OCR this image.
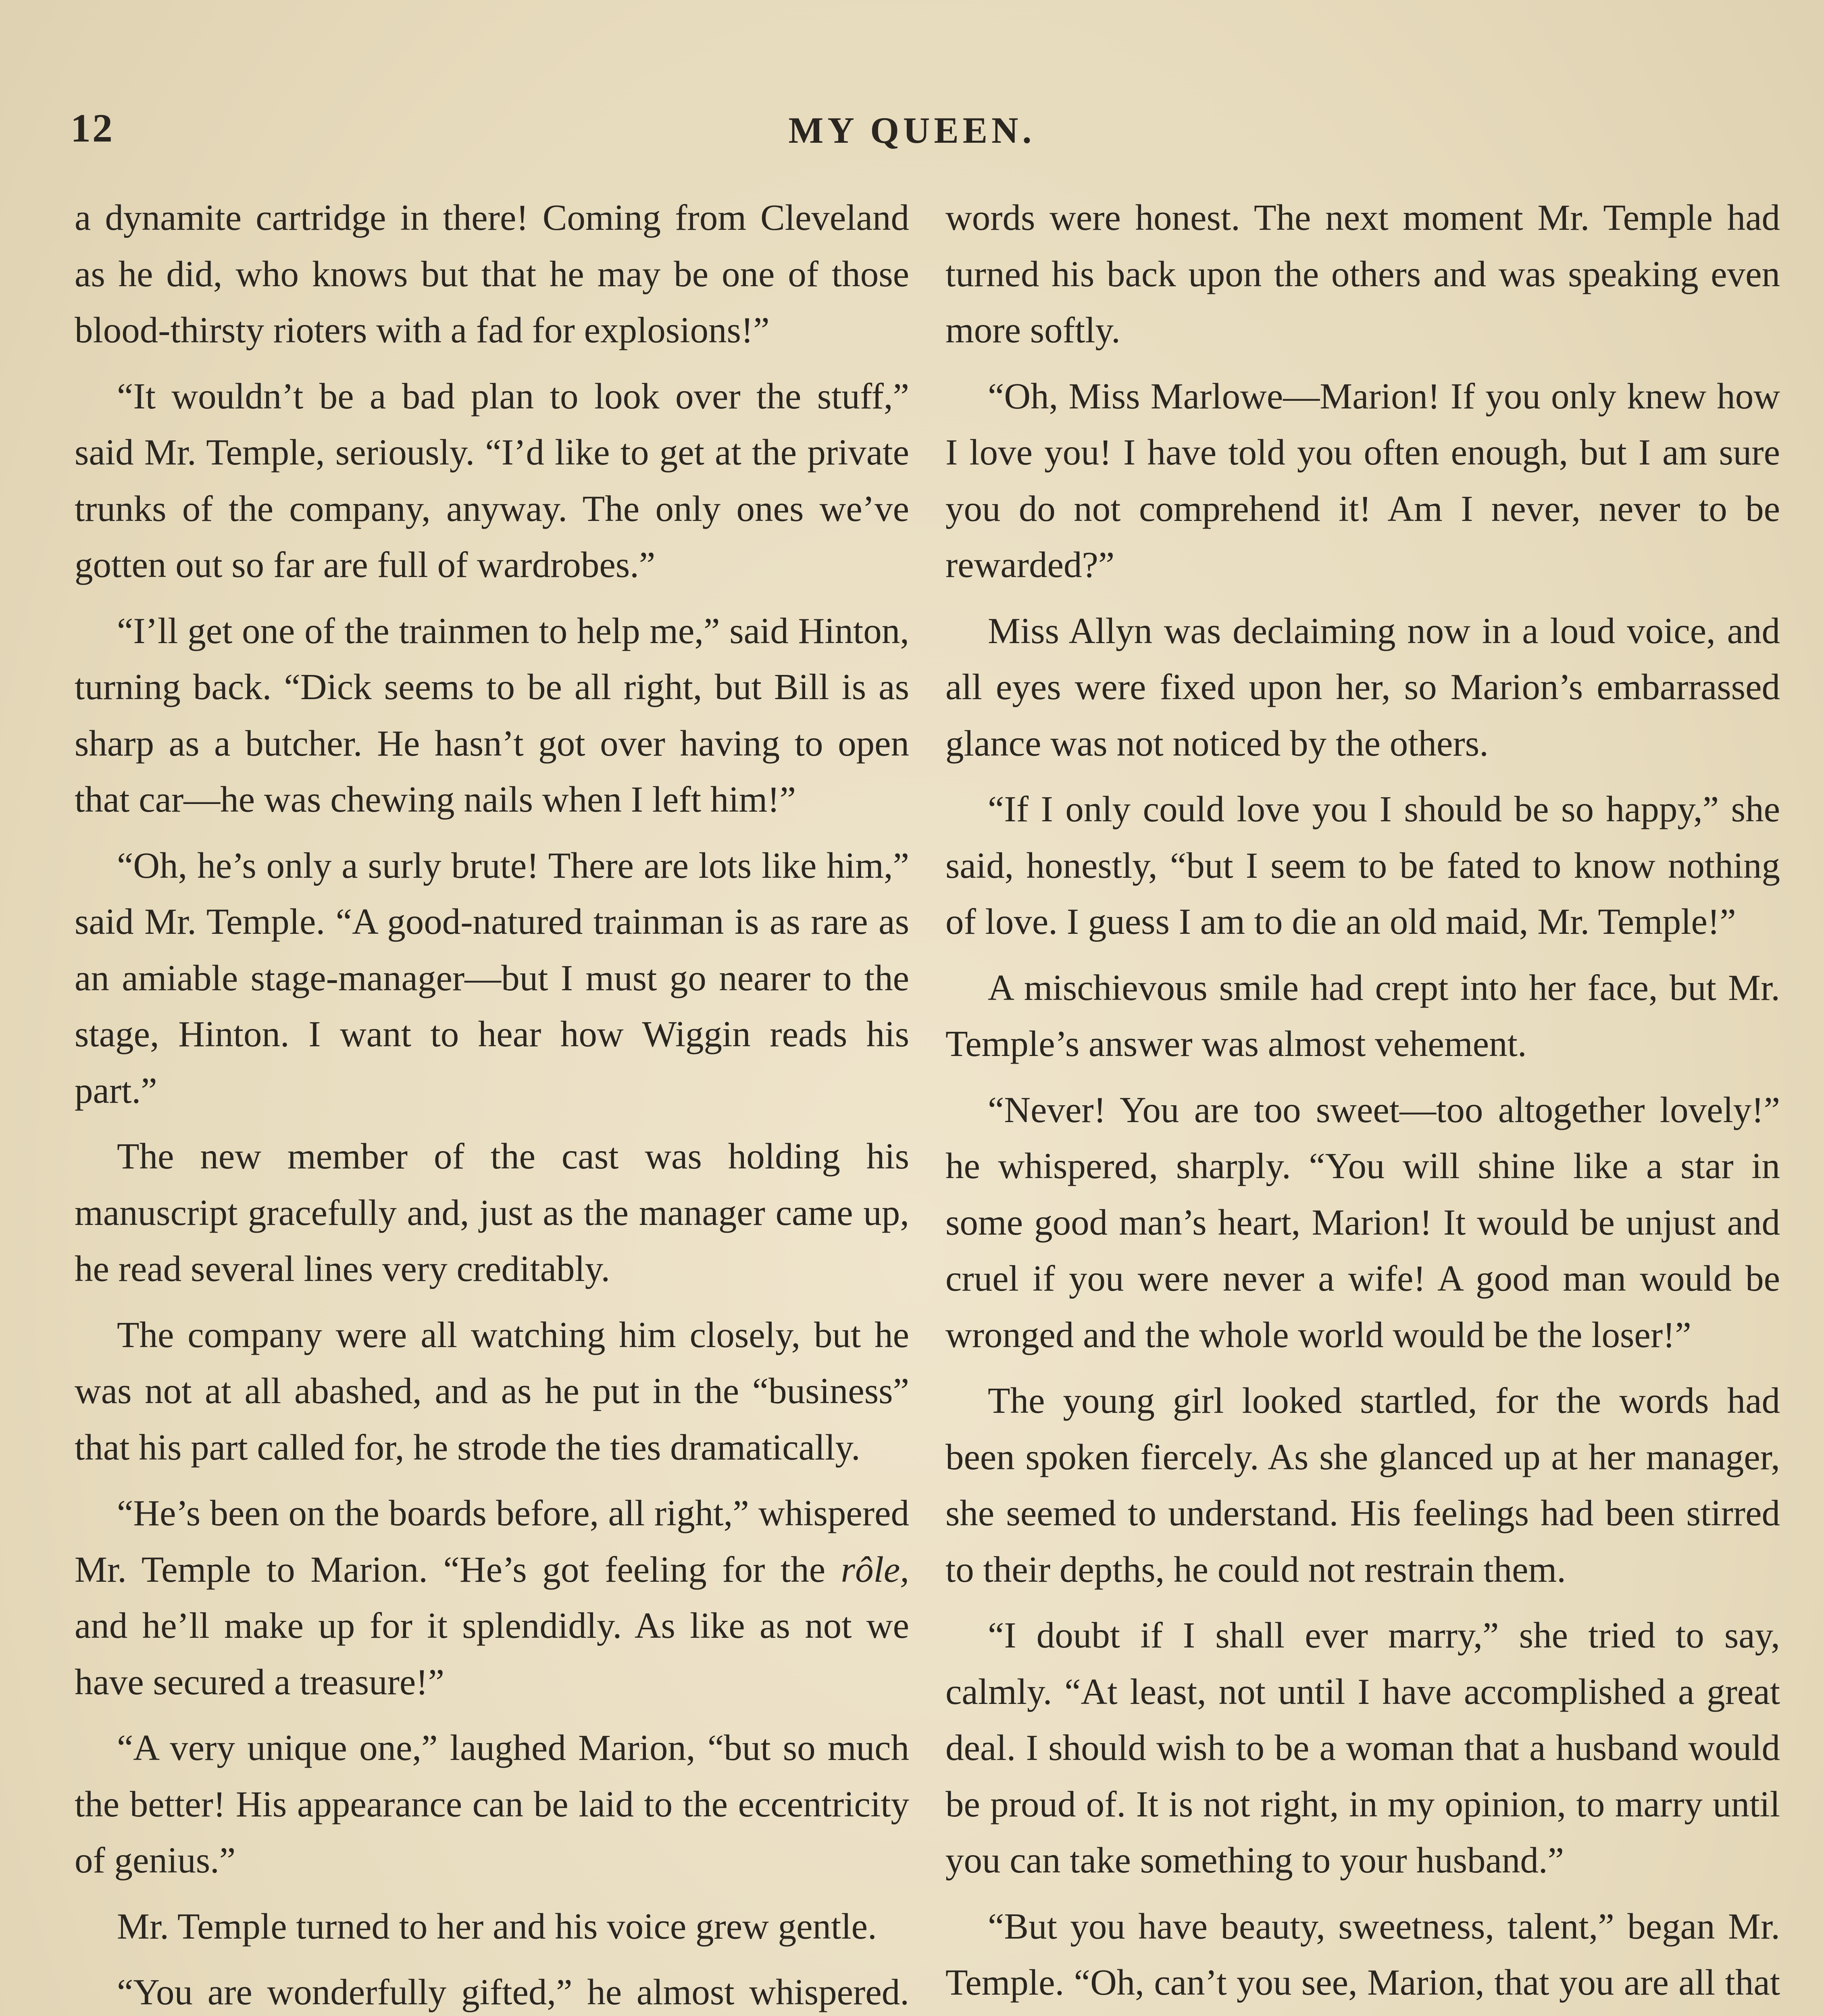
12	MY QUEEN.

a dynamite cartridge in there! Coming from Cleveland as he did, who knows but that he may be one of those blood-thirsty rioters with a fad for explosions!”

“It wouldn’t be a bad plan to look over the stuff,” said Mr. Temple, seriously. “I’d like to get at the private trunks of the company, anyway. The only ones we’ve gotten out so far are full of wardrobes.”

“I’ll get one of the trainmen to help me,” said Hinton, turning back. “Dick seems to be all right, but Bill is as sharp as a butcher. He hasn’t got over having to open that car—he was chewing nails when I left him!”

“Oh, he’s only a surly brute! There are lots like him,” said Mr. Temple. “A good-natured trainman is as rare as an amiable stage-manager—but I must go nearer to the stage, Hinton. I want to hear how Wiggin reads his part.”

The new member of the cast was holding his manuscript gracefully and, just as the manager came up, he read several lines very creditably.

The company were all watching him closely, but he was not at all abashed, and as he put in the “business” that his part called for, he strode the ties dramatically.

“He’s been on the boards before, all right,” whispered Mr. Temple to Marion. “He’s got feeling for the rôle, and he’ll make up for it splendidly. As like as not we have secured a treasure!”

“A very unique one,” laughed Marion, “but so much the better! His appearance can be laid to the eccentricity of genius.”

Mr. Temple turned to her and his voice grew gentle.

“You are wonderfully gifted,” he almost whispered.

words were honest. The next moment Mr. Temple had turned his back upon the others and was speaking even more softly.

“Oh, Miss Marlowe—Marion! If you only knew how I love you! I have told you often enough, but I am sure you do not comprehend it! Am I never, never to be rewarded?”

Miss Allyn was declaiming now in a loud voice, and all eyes were fixed upon her, so Marion’s embarrassed glance was not noticed by the others.

“If I only could love you I should be so happy,” she said, honestly, “but I seem to be fated to know nothing of love. I guess I am to die an old maid, Mr. Temple!”

A mischievous smile had crept into her face, but Mr. Temple’s answer was almost vehement.

“Never! You are too sweet—too altogether lovely!” he whispered, sharply. “You will shine like a star in some good man’s heart, Marion! It would be unjust and cruel if you were never a wife! A good man would be wronged and the whole world would be the loser!”

The young girl looked startled, for the words had been spoken fiercely. As she glanced up at her manager, she seemed to understand. His feelings had been stirred to their depths, he could not restrain them.

“I doubt if I shall ever marry,” she tried to say, calmly. “At least, not until I have accomplished a great deal. I should wish to be a woman that a husband would be proud of. It is not right, in my opinion, to marry until you can take something to your husband.”

“But you have beauty, sweetness, talent,” began Mr. Temple. “Oh, can’t you see, Marion, that you are all that
